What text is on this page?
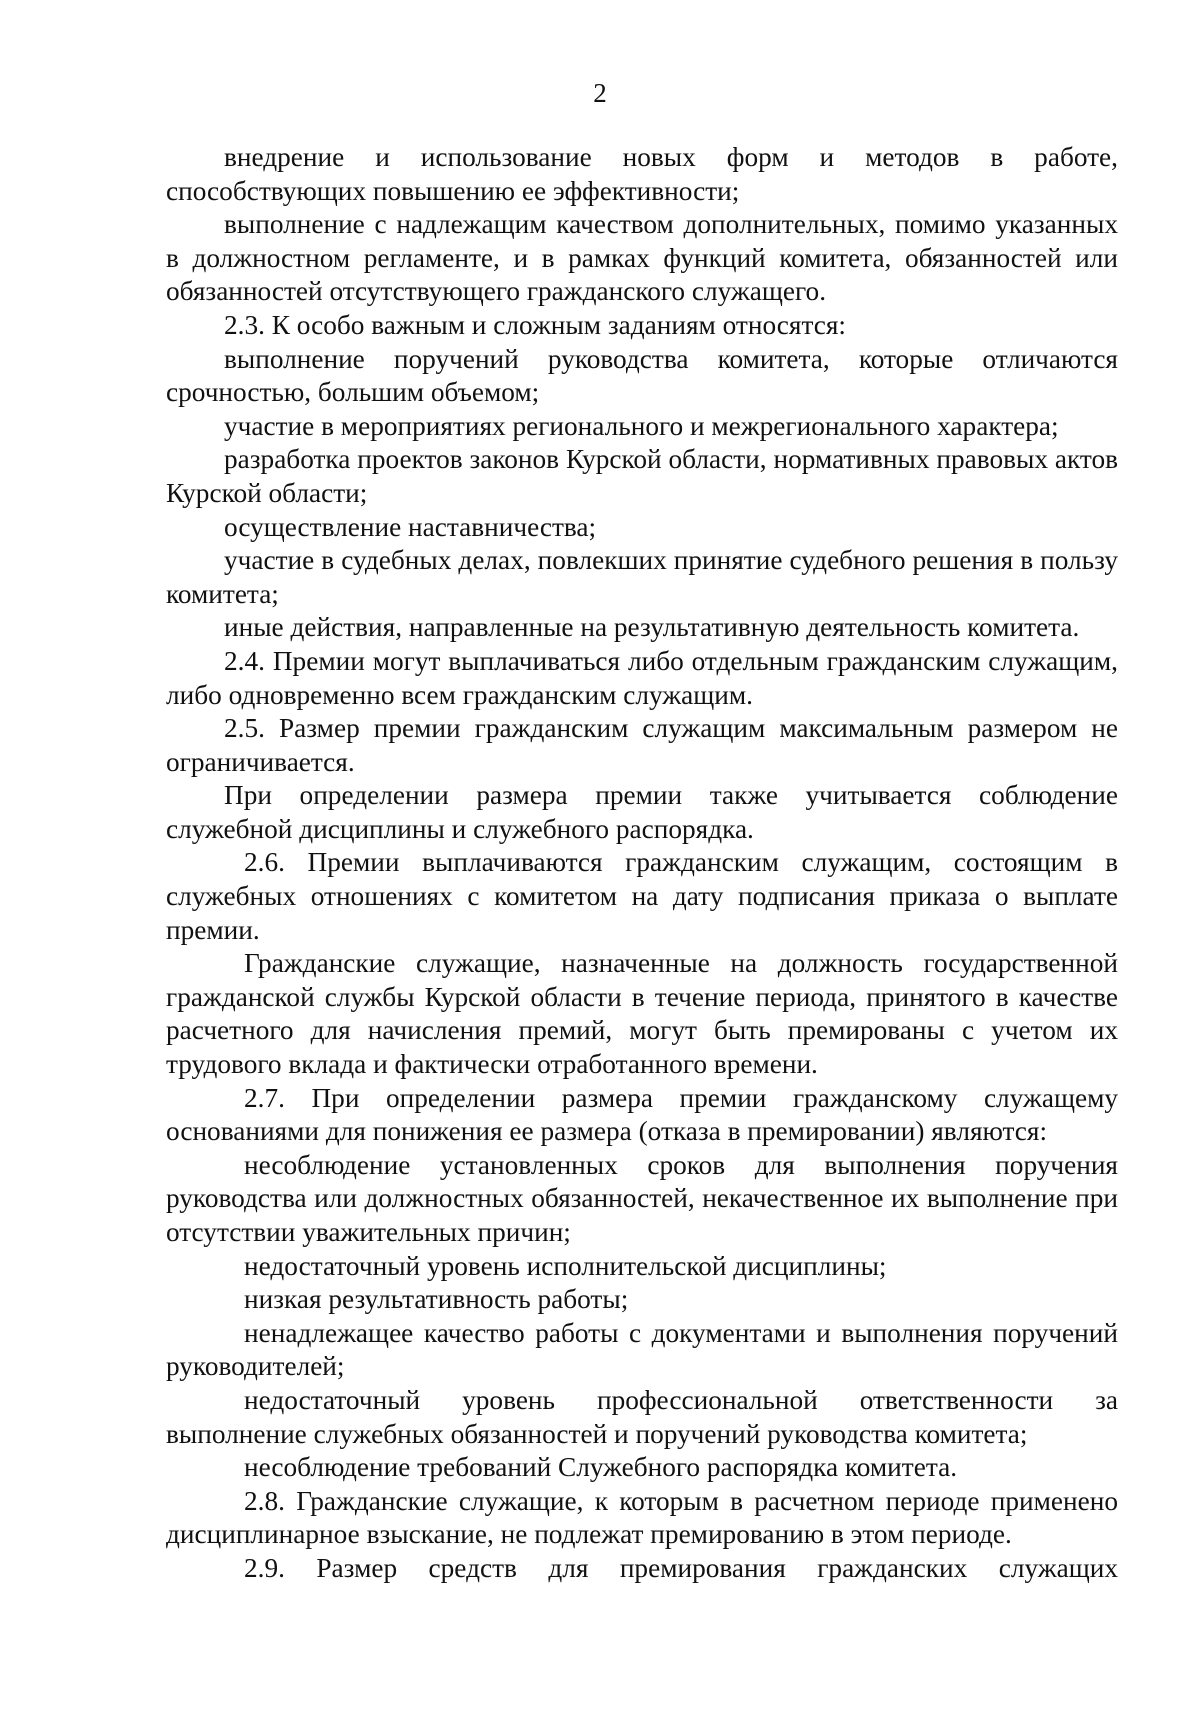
2

внедрение и использование новых форм и методов в работе, способствующих повышению ее эффективности;

выполнение с надлежащим качеством дополнительных, помимо указанных в должностном регламенте, и в рамках функций комитета, обязанностей или обязанностей отсутствующего гражданского служащего.

2.3. К особо важным и сложным заданиям относятся:

выполнение поручений руководства комитета, которые отличаются срочностью, большим объемом;

участие в мероприятиях регионального и межрегионального характера;

разработка проектов законов Курской области, нормативных правовых актов Курской области;

осуществление наставничества;

участие в судебных делах, повлекших принятие судебного решения в пользу комитета;

иные действия, направленные на результативную деятельность комитета.

2.4. Премии могут выплачиваться либо отдельным гражданским служащим, либо одновременно всем гражданским служащим.

2.5. Размер премии гражданским служащим максимальным размером не ограничивается.

При определении размера премии также учитывается соблюдение служебной дисциплины и служебного распорядка.

2.6. Премии выплачиваются гражданским служащим, состоящим в служебных отношениях с комитетом на дату подписания приказа о выплате премии.

Гражданские служащие, назначенные на должность государственной гражданской службы Курской области в течение периода, принятого в качестве расчетного для начисления премий, могут быть премированы с учетом их трудового вклада и фактически отработанного времени.

2.7. При определении размера премии гражданскому служащему основаниями для понижения ее размера (отказа в премировании) являются:

несоблюдение установленных сроков для выполнения поручения руководства или должностных обязанностей, некачественное их выполнение при отсутствии уважительных причин;

недостаточный уровень исполнительской дисциплины;

низкая результативность работы;

ненадлежащее качество работы с документами и выполнения поручений руководителей;

недостаточный уровень профессиональной ответственности за выполнение служебных обязанностей и поручений руководства комитета;

несоблюдение требований Служебного распорядка комитета.

2.8. Гражданские служащие, к которым в расчетном периоде применено дисциплинарное взыскание, не подлежат премированию в этом периоде.

2.9. Размер средств для премирования гражданских служащих
